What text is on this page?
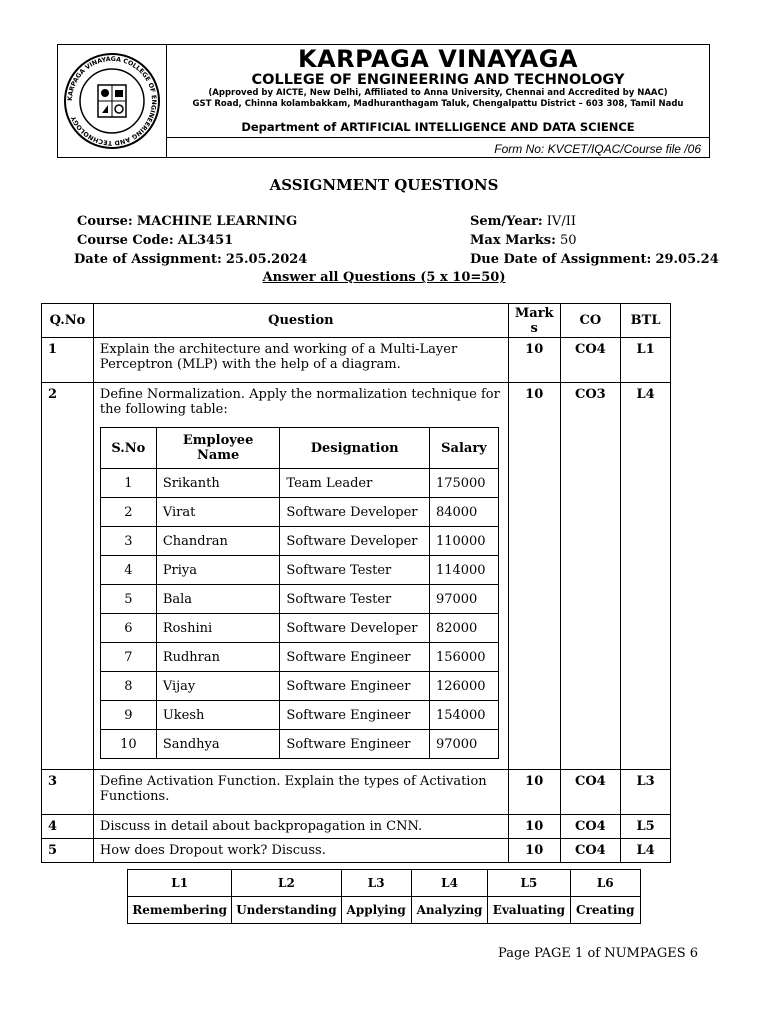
KARPAGA VINAYAGA COLLEGE OF ENGINEERING AND TECHNOLOGY
KARPAGA VINAYAGA
COLLEGE OF ENGINEERING AND TECHNOLOGY
(Approved by AICTE, New Delhi, Affiliated to Anna University, Chennai and Accredited by NAAC)
GST Road, Chinna kolambakkam, Madhuranthagam Taluk, Chengalpattu District – 603 308, Tamil Nadu
Department of ARTIFICIAL INTELLIGENCE AND DATA SCIENCE
Form No: KVCET/IQAC/Course file /06
ASSIGNMENT QUESTIONS
Course: MACHINE LEARNING
Course Code: AL3451
Date of Assignment: 25.05.2024
Sem/Year: IV/II
Max Marks: 50
Due Date of Assignment: 29.05.24
Answer all Questions (5 x 10=50)
Q.No	Question	Mark s	CO	BTL
1	Explain the architecture and working of a Multi-Layer Perceptron (MLP) with the help of a diagram.	10	CO4	L1
2	Define Normalization. Apply the normalization technique for the following table:
S.No	Employee Name	Designation	Salary
1	Srikanth	Team Leader	175000
2	Virat	Software Developer	84000
3	Chandran	Software Developer	110000
4	Priya	Software Tester	114000
5	Bala	Software Tester	97000
6	Roshini	Software Developer	82000
7	Rudhran	Software Engineer	156000
8	Vijay	Software Engineer	126000
9	Ukesh	Software Engineer	154000
10	Sandhya	Software Engineer	97000
	10	CO3	L4
3	Define Activation Function. Explain the types of Activation Functions.	10	CO4	L3
4	Discuss in detail about backpropagation in CNN.	10	CO4	L5
5	How does Dropout work? Discuss.	10	CO4	L4
L1	L2	L3	L4	L5	L6
Remembering	Understanding	Applying	Analyzing	Evaluating	Creating
Page PAGE 1 of NUMPAGES 6
